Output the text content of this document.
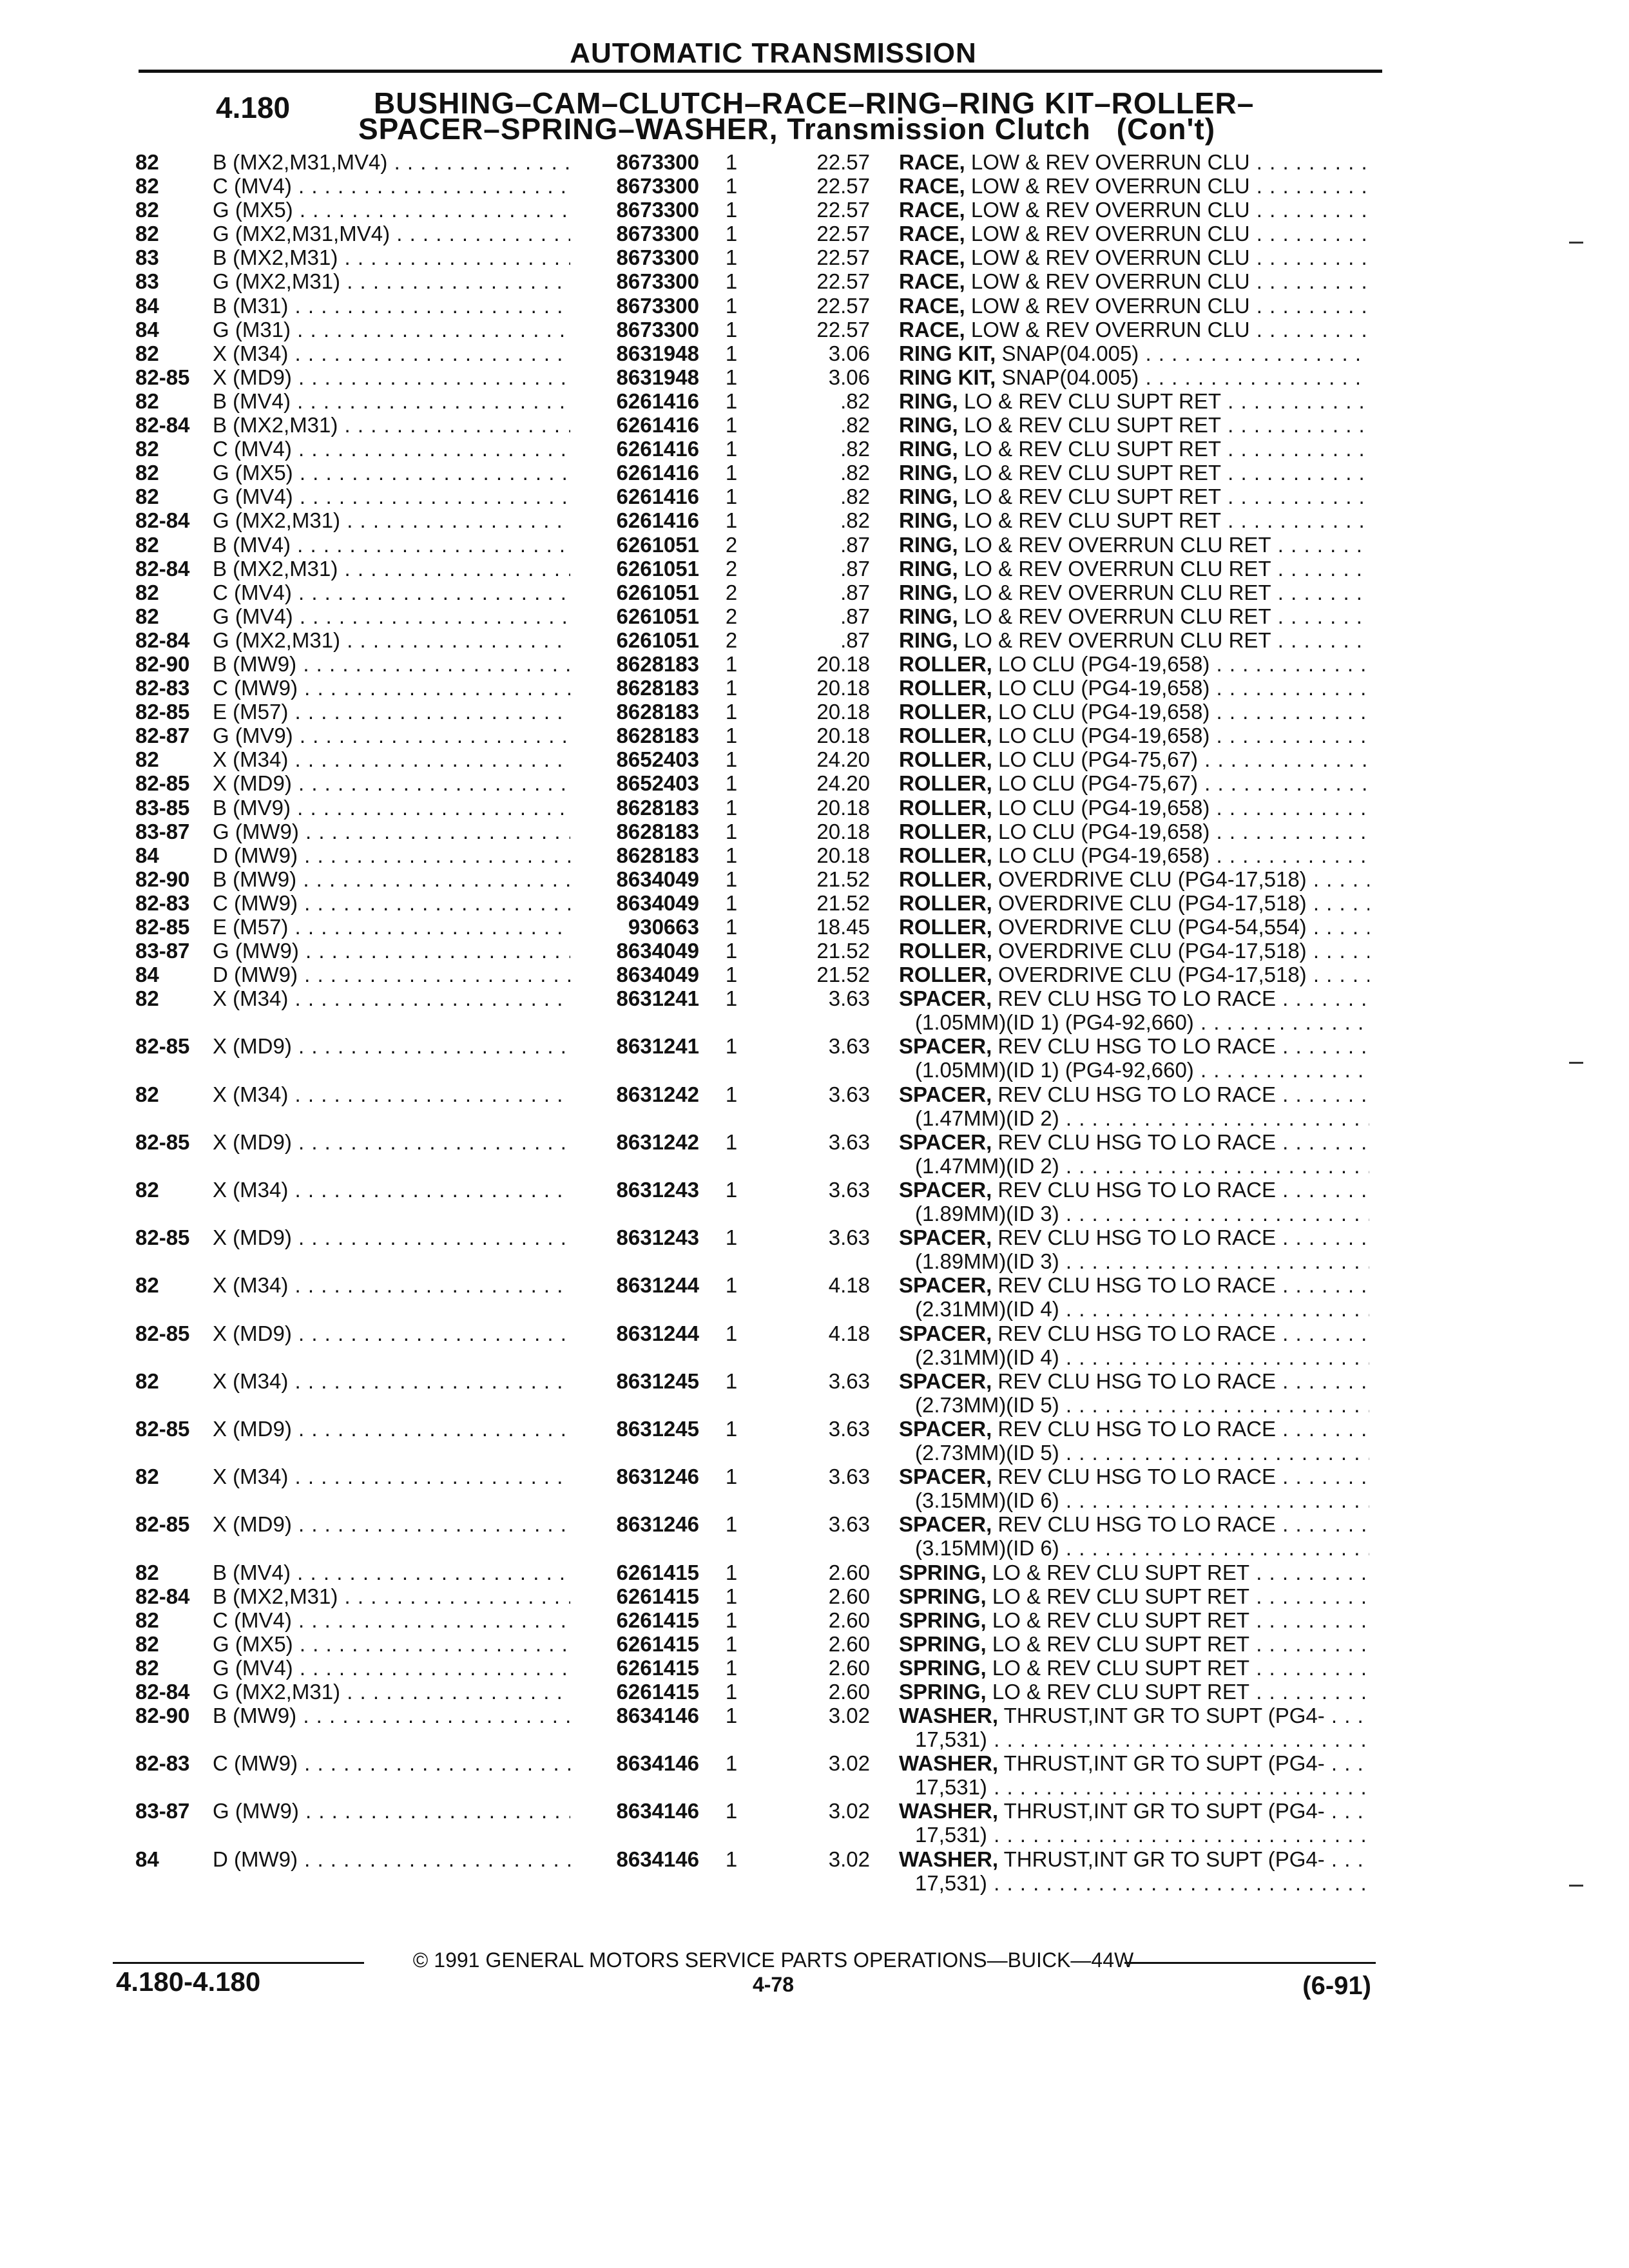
AUTOMATIC TRANSMISSION
4.180	BUSHING–CAM–CLUTCH–RACE–RING–RING KIT–ROLLER–
SPACER–SPRING–WASHER, Transmission Clutch (Con't)
82	B (MX2,M31,MV4) . . .	8673300	1	22.57 RACE, LOW & REV OVERRUN CLU . . .
82	C (MV4) . . .	8673300	1	22.57 RACE, LOW & REV OVERRUN CLU . . .
82	G (MX5) . . .	8673300	1	22.57 RACE, LOW & REV OVERRUN CLU . . .
82	G (MX2,M31,MV4) . . .	8673300	1	22.57 RACE, LOW & REV OVERRUN CLU . . .
83	B (MX2,M31) . . .	8673300	1	22.57 RACE, LOW & REV OVERRUN CLU . . .
83	G (MX2,M31) . . .	8673300	1	22.57 RACE, LOW & REV OVERRUN CLU . . .
84	B (M31) . . .	8673300	1	22.57 RACE, LOW & REV OVERRUN CLU . . .
84	G (M31) . . .	8673300	1	22.57 RACE, LOW & REV OVERRUN CLU . . .
82	X (M34) . . .	8631948	1	3.06 RING KIT, SNAP(04.005) . . .
82-85 X (MD9) . . .	8631948	1	3.06 RING KIT, SNAP(04.005) . . .
82	B (MV4) . . .	6261416	1	.82 RING, LO & REV CLU SUPT RET . . .
82-84 B (MX2,M31) . . .	6261416	1	.82 RING, LO & REV CLU SUPT RET . . .
82	C (MV4) . . .	6261416	1	.82 RING, LO & REV CLU SUPT RET . . .
82	G (MX5) . . .	6261416	1	.82 RING, LO & REV CLU SUPT RET . . .
82	G (MV4) . . .	6261416	1	.82 RING, LO & REV CLU SUPT RET . . .
82-84 G (MX2,M31) . . .	6261416	1	.82 RING, LO & REV CLU SUPT RET . . .
82	B (MV4) . . .	6261051	2	.87 RING, LO & REV OVERRUN CLU RET . . .
82-84 B (MX2,M31) . . .	6261051	2	.87 RING, LO & REV OVERRUN CLU RET . . .
82	C (MV4) . . .	6261051	2	.87 RING, LO & REV OVERRUN CLU RET . . .
82	G (MV4) . . .	6261051	2	.87 RING, LO & REV OVERRUN CLU RET . . .
82-84 G (MX2,M31) . . .	6261051	2	.87 RING, LO & REV OVERRUN CLU RET . . .
82-90 B (MW9) . . .	8628183	1	20.18 ROLLER, LO CLU (PG4-19,658) . . .
82-83 C (MW9) . . .	8628183	1	20.18 ROLLER, LO CLU (PG4-19,658) . . .
82-85 E (M57) . . .	8628183	1	20.18 ROLLER, LO CLU (PG4-19,658) . . .
82-87 G (MV9) . . .	8628183	1	20.18 ROLLER, LO CLU (PG4-19,658) . . .
82	X (M34) . . .	8652403	1	24.20 ROLLER, LO CLU (PG4-75,67) . . .
82-85 X (MD9) . . .	8652403	1	24.20 ROLLER, LO CLU (PG4-75,67) . . .
83-85 B (MV9) . . .	8628183	1	20.18 ROLLER, LO CLU (PG4-19,658) . . .
83-87 G (MW9) . . .	8628183	1	20.18 ROLLER, LO CLU (PG4-19,658) . . .
84	D (MW9) . . .	8628183	1	20.18 ROLLER, LO CLU (PG4-19,658) . . .
82-90 B (MW9) . . .	8634049	1	21.52 ROLLER, OVERDRIVE CLU (PG4-17,518) . . .
82-83 C (MW9) . . .	8634049	1	21.52 ROLLER, OVERDRIVE CLU (PG4-17,518) . . .
82-85 E (M57) . . .	930663	1	18.45 ROLLER, OVERDRIVE CLU (PG4-54,554) . . .
83-87 G (MW9) . . .	8634049	1	21.52 ROLLER, OVERDRIVE CLU (PG4-17,518) . . .
84	D (MW9) . . .	8634049	1	21.52 ROLLER, OVERDRIVE CLU (PG4-17,518) . . .
82	X (M34) . . .	8631241	1	3.63 SPACER, REV CLU HSG TO LO RACE . . .
(1.05MM)(ID 1) (PG4-92,660) . . .
82-85 X (MD9) . . .	8631241	1	3.63 SPACER, REV CLU HSG TO LO RACE . . .
(1.05MM)(ID 1) (PG4-92,660) . . .
82	X (M34) . . .	8631242	1	3.63 SPACER, REV CLU HSG TO LO RACE . . .
(1.47MM)(ID 2) . . .
82-85 X (MD9) . . .	8631242	1	3.63 SPACER, REV CLU HSG TO LO RACE . . .
(1.47MM)(ID 2) . . .
82	X (M34) . . .	8631243	1	3.63 SPACER, REV CLU HSG TO LO RACE . . .
(1.89MM)(ID 3) . . .
82-85 X (MD9) . . .	8631243	1	3.63 SPACER, REV CLU HSG TO LO RACE . . .
(1.89MM)(ID 3) . . .
82	X (M34) . . .	8631244	1	4.18 SPACER, REV CLU HSG TO LO RACE . . .
(2.31MM)(ID 4) . . .
82-85 X (MD9) . . .	8631244	1	4.18 SPACER, REV CLU HSG TO LO RACE . . .
(2.31MM)(ID 4) . . .
82	X (M34) . . .	8631245	1	3.63 SPACER, REV CLU HSG TO LO RACE . . .
(2.73MM)(ID 5) . . .
82-85 X (MD9) . . .	8631245	1	3.63 SPACER, REV CLU HSG TO LO RACE . . .
(2.73MM)(ID 5) . . .
82	X (M34) . . .	8631246	1	3.63 SPACER, REV CLU HSG TO LO RACE . . .
(3.15MM)(ID 6) . . .
82-85 X (MD9) . . .	8631246	1	3.63 SPACER, REV CLU HSG TO LO RACE . . .
(3.15MM)(ID 6) . . .
82	B (MV4) . . .	6261415	1	2.60 SPRING, LO & REV CLU SUPT RET . . .
82-84 B (MX2,M31) . . .	6261415	1	2.60 SPRING, LO & REV CLU SUPT RET . . .
82	C (MV4) . . .	6261415	1	2.60 SPRING, LO & REV CLU SUPT RET . . .
82	G (MX5) . . .	6261415	1	2.60 SPRING, LO & REV CLU SUPT RET . . .
82	G (MV4) . . .	6261415	1	2.60 SPRING, LO & REV CLU SUPT RET . . .
82-84 G (MX2,M31) . . .	6261415	1	2.60 SPRING, LO & REV CLU SUPT RET . . .
82-90 B (MW9) . . .	8634146	1	3.02 WASHER, THRUST,INT GR TO SUPT (PG4- . . .
17,531) . . .
82-83 C (MW9) . . .	8634146	1	3.02 WASHER, THRUST,INT GR TO SUPT (PG4- . . .
17,531) . . .
83-87 G (MW9) . . .	8634146	1	3.02 WASHER, THRUST,INT GR TO SUPT (PG4- . . .
17,531) . . .
84	D (MW9) . . .	8634146	1	3.02 WASHER, THRUST,INT GR TO SUPT (PG4- . . .
17,531) . . .
© 1991 GENERAL MOTORS SERVICE PARTS OPERATIONS—BUICK—44W
4.180-4.180	4-78	(6-91)
